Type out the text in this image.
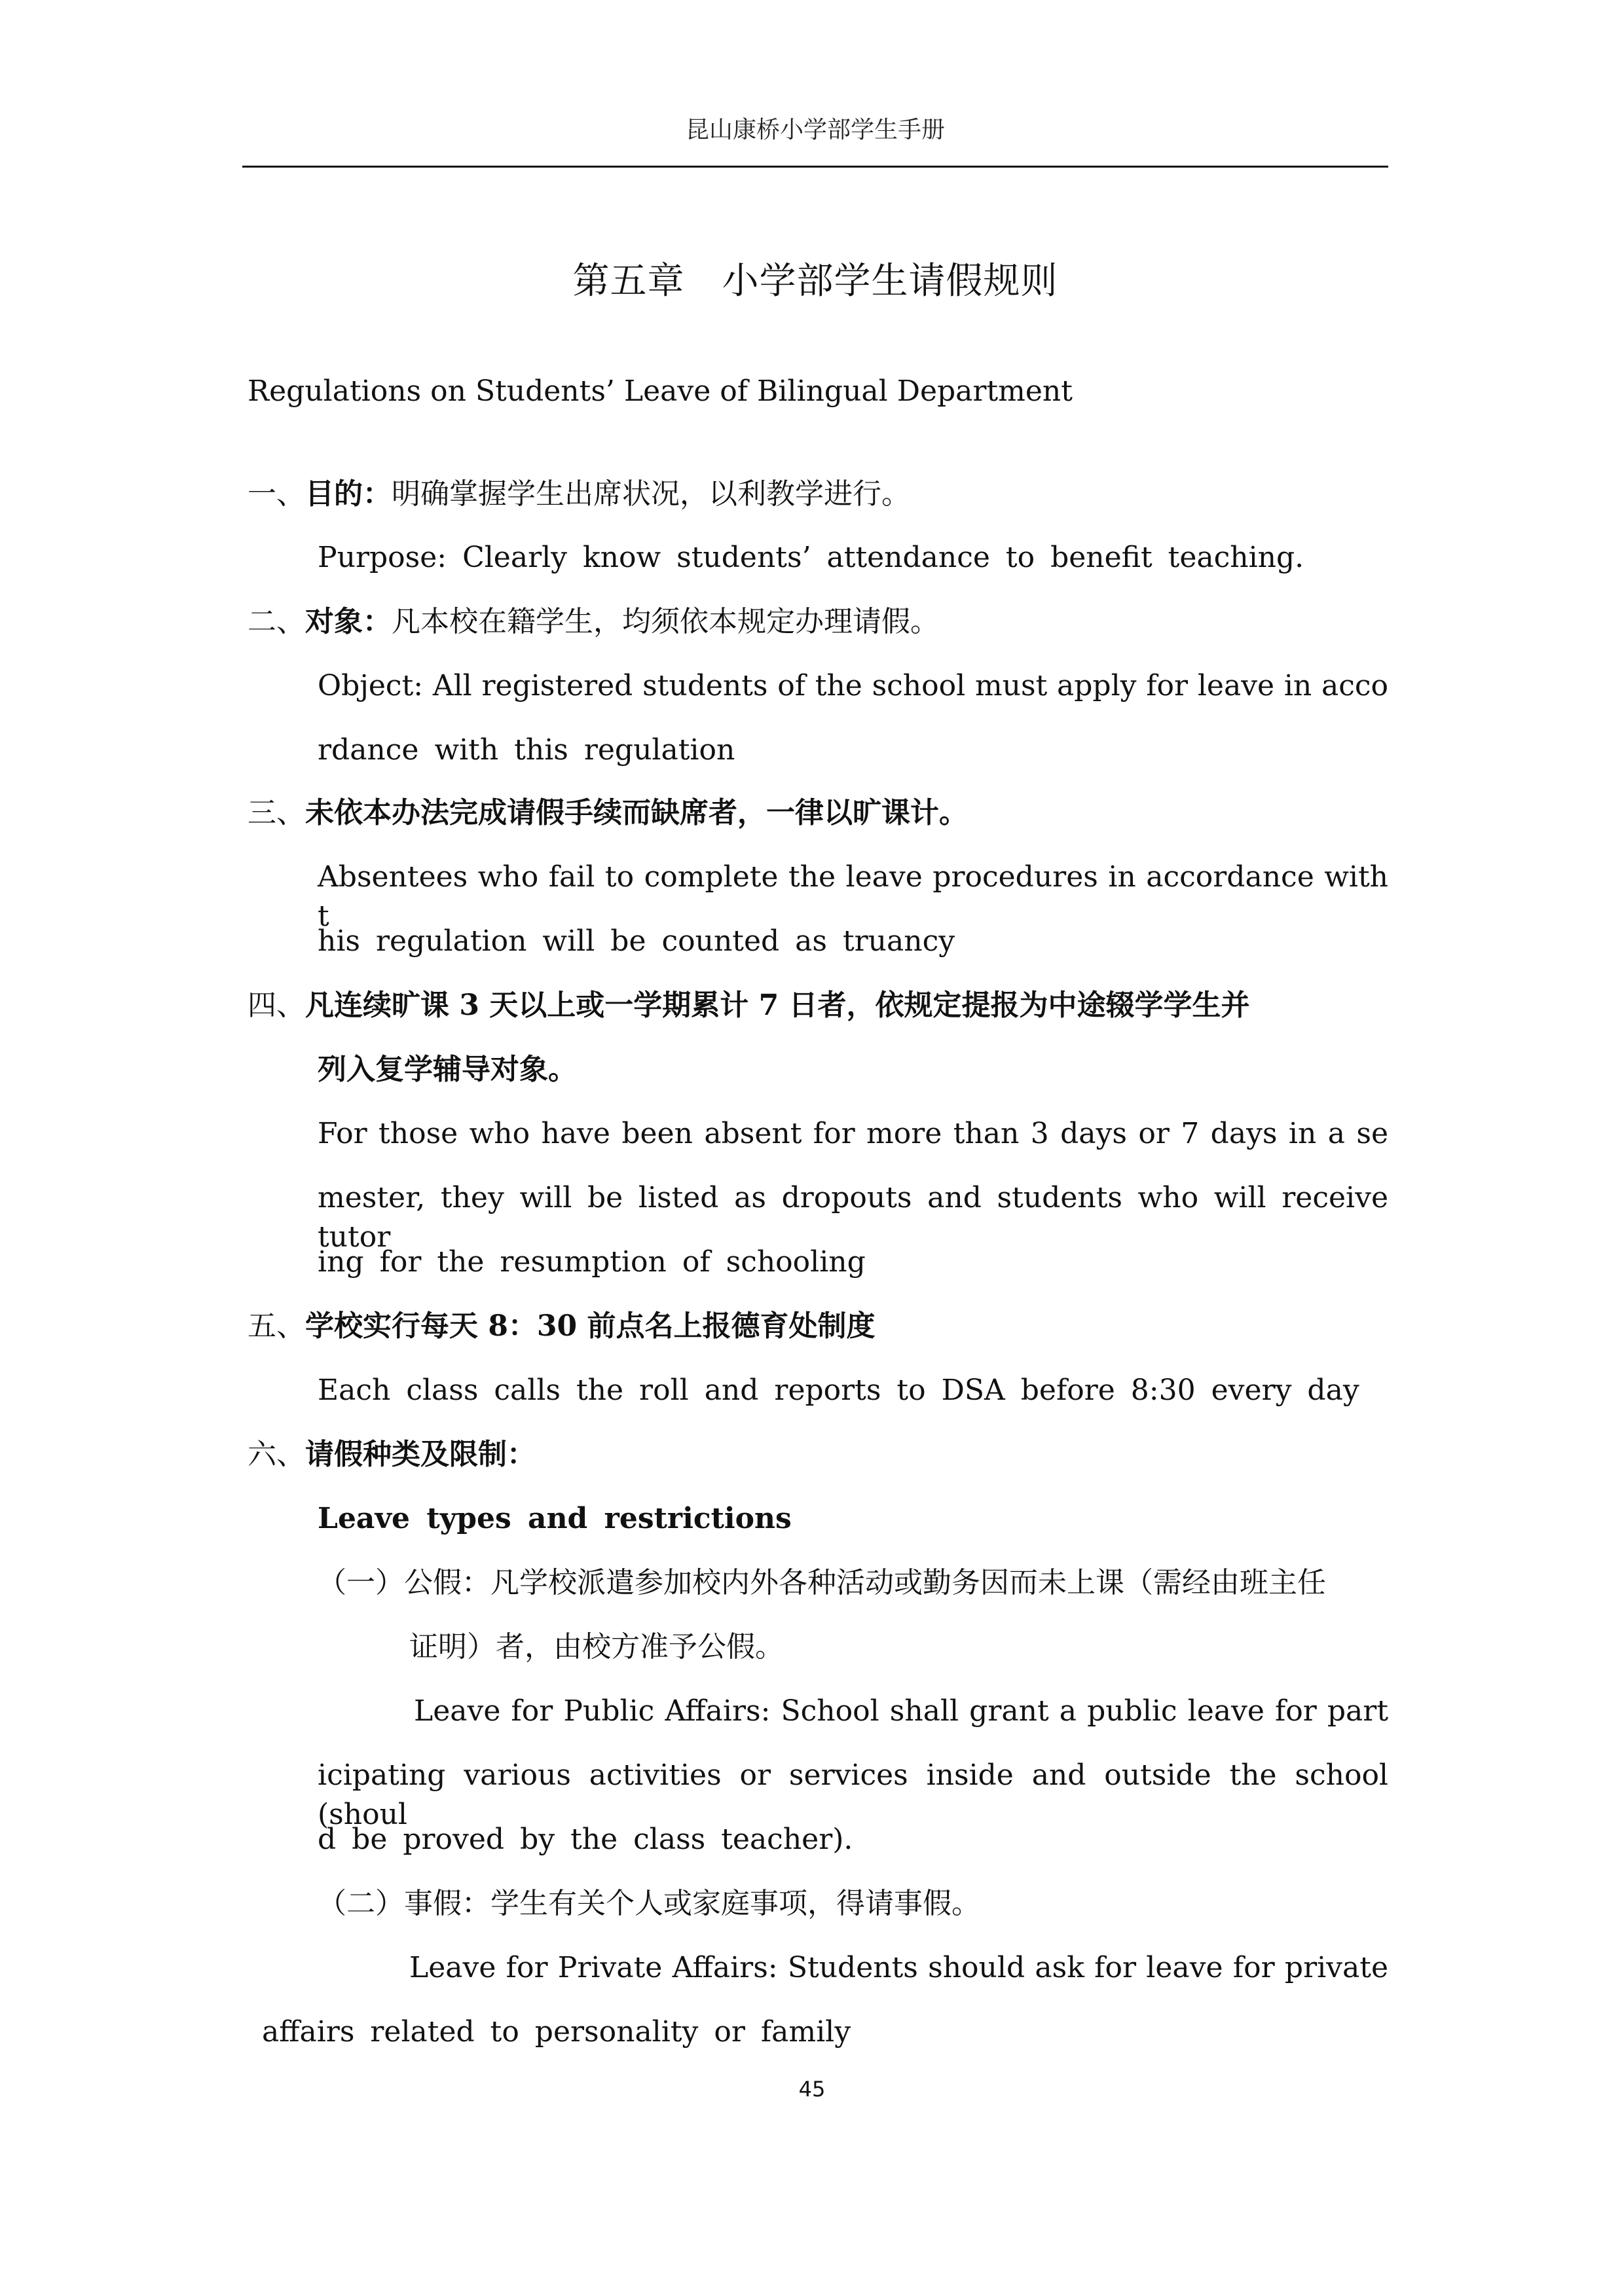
昆山康桥小学部学生手册
第五章　小学部学生请假规则
Regulations on Students’ Leave of Bilingual Department
一、目的：明确掌握学生出席状况，以利教学进行。
Purpose: Clearly know students’ attendance to benefit teaching.
二、对象：凡本校在籍学生，均须依本规定办理请假。
Object: All registered students of the school must apply for leave in acco
rdance with this regulation
三、未依本办法完成请假手续而缺席者，一律以旷课计。
Absentees who fail to complete the leave procedures in accordance with t
his regulation will be counted as truancy
四、凡连续旷课 3 天以上或一学期累计 7 日者，依规定提报为中途辍学学生并
列入复学辅导对象。
For those who have been absent for more than 3 days or 7 days in a se
mester, they will be listed as dropouts and students who will receive tutor
ing for the resumption of schooling
五、学校实行每天 8：30 前点名上报德育处制度
Each class calls the roll and reports to DSA before 8:30 every day
六、请假种类及限制：
Leave types and restrictions
（一）公假：凡学校派遣参加校内外各种活动或勤务因而未上课（需经由班主任
证明）者，由校方准予公假。
Leave for Public Affairs: School shall grant a public leave for part
icipating various activities or services inside and outside the school (shoul
d be proved by the class teacher).
（二）事假：学生有关个人或家庭事项，得请事假。
Leave for Private Affairs: Students should ask for leave for private
affairs related to personality or family
45
